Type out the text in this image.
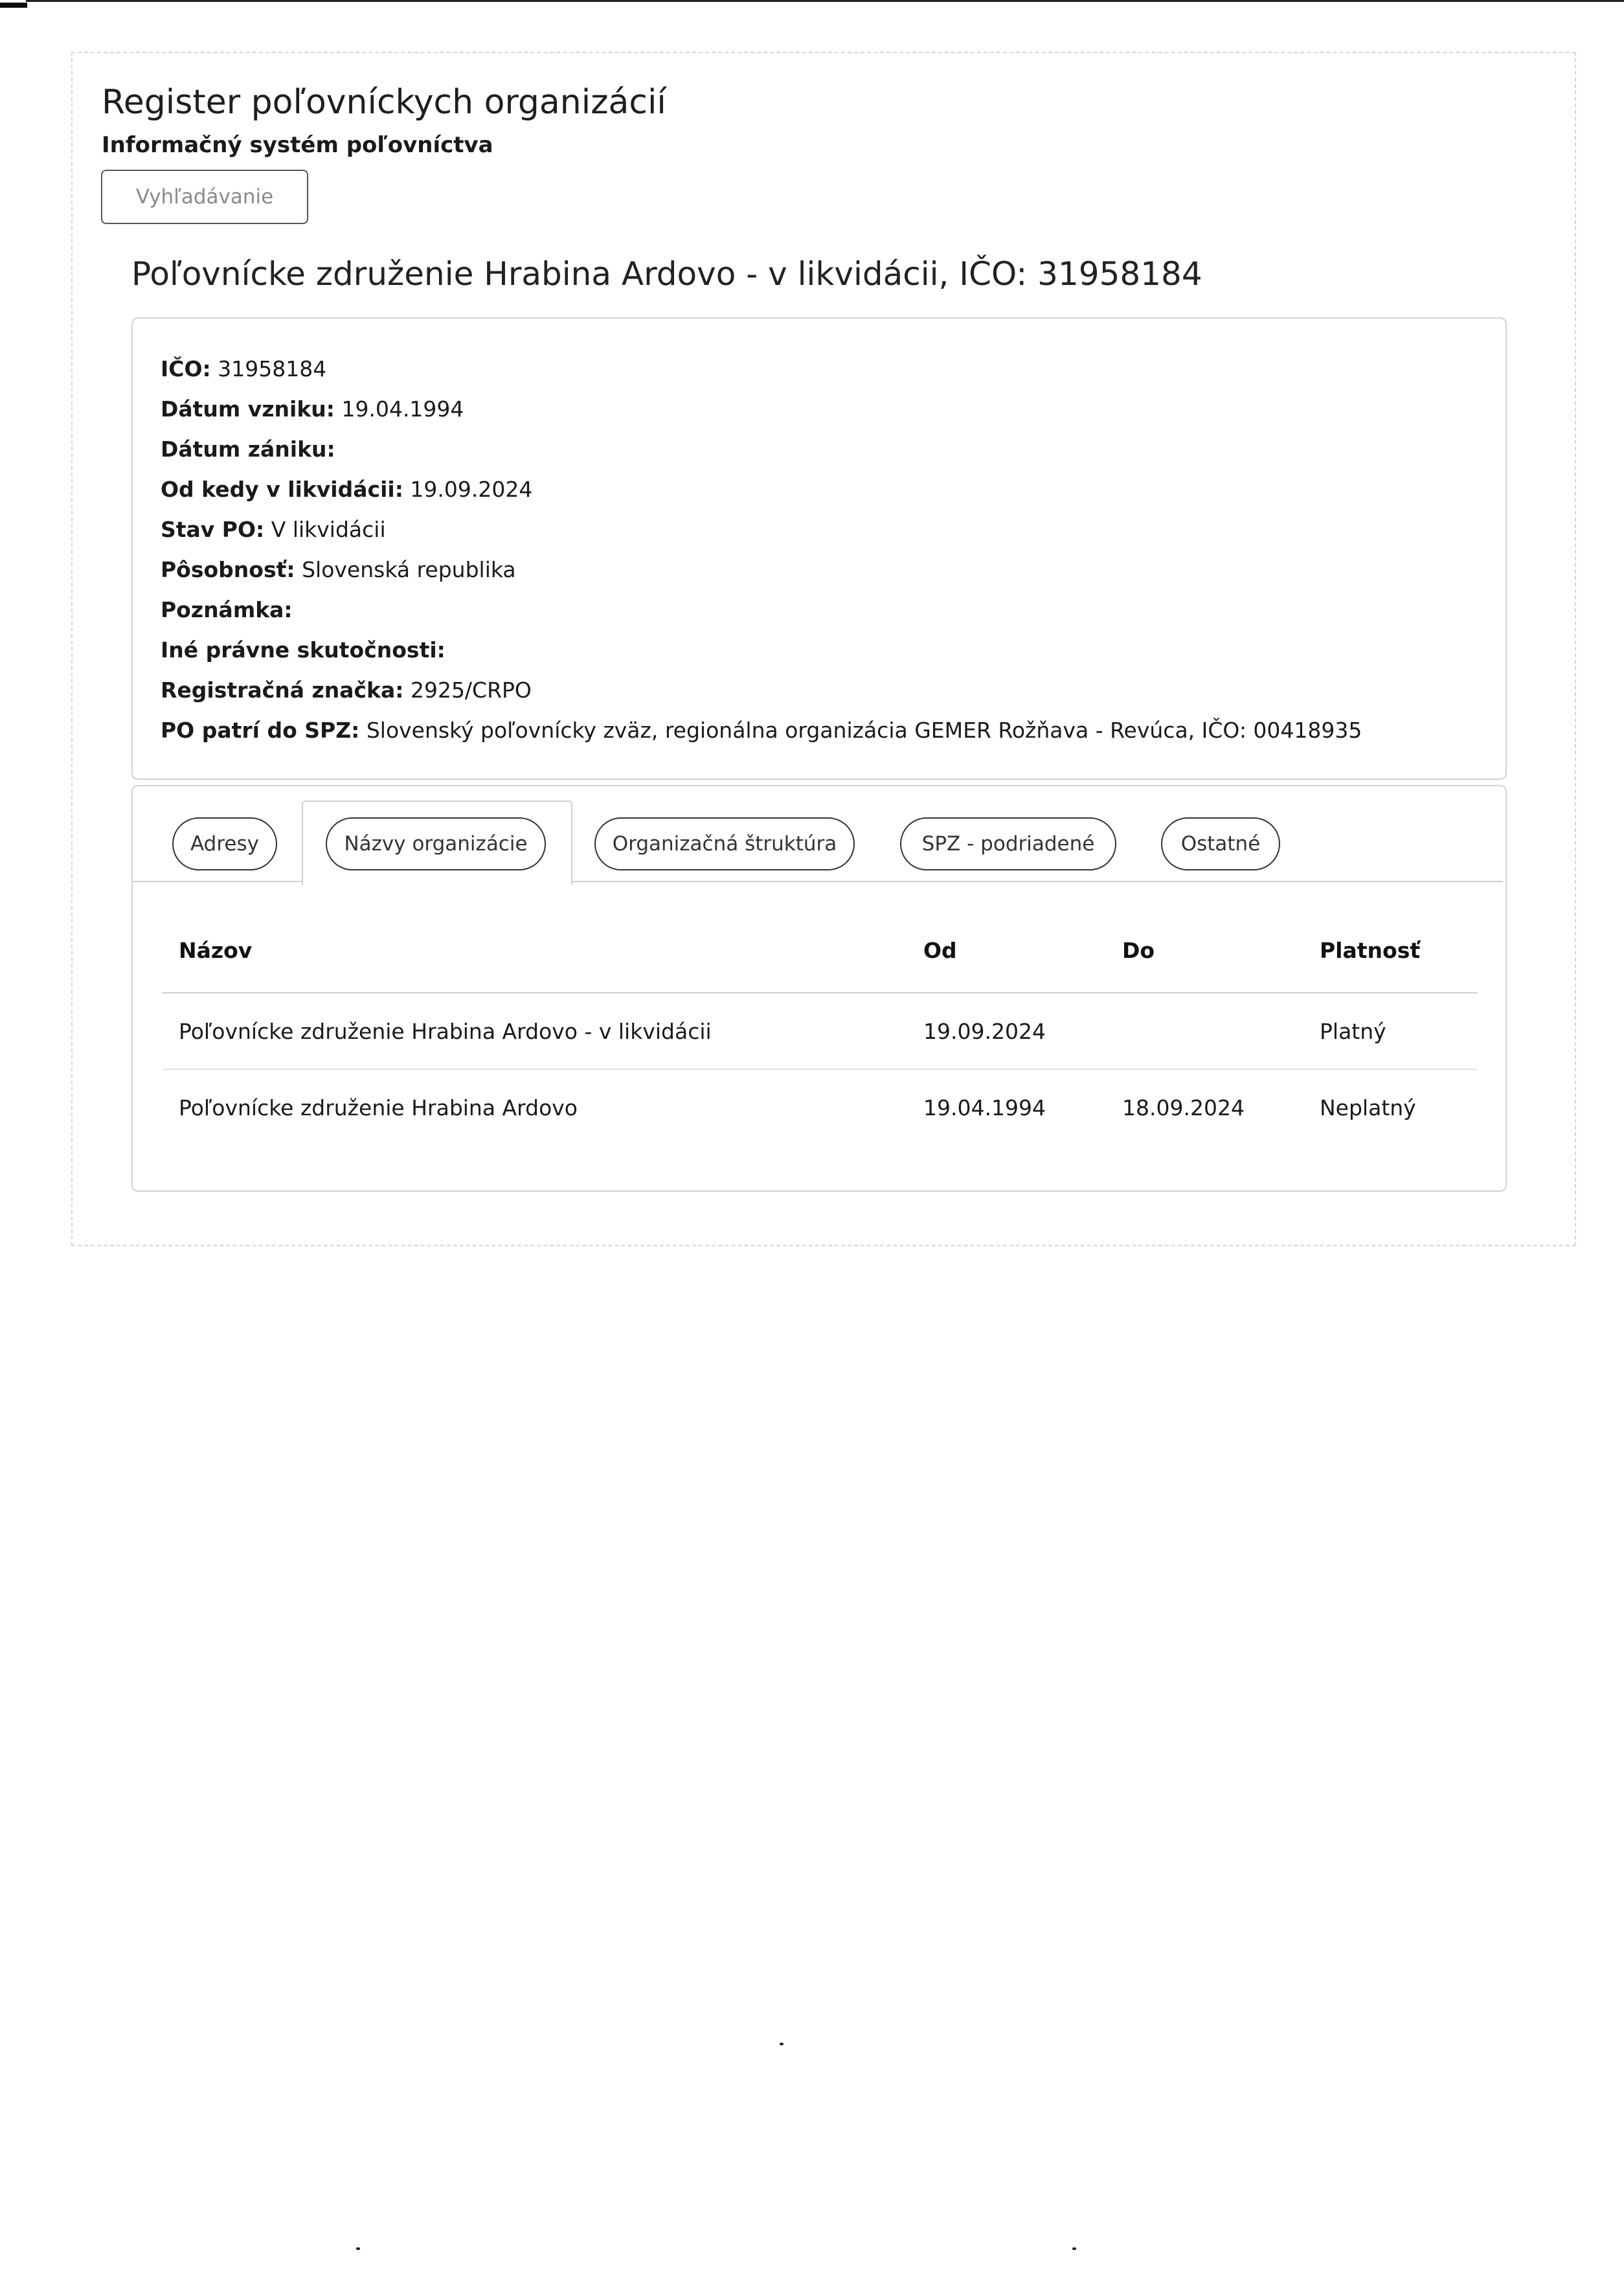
Register poľovníckych organizácií
Informačný systém poľovníctva
Vyhľadávanie
Poľovnícke združenie Hrabina Ardovo - v likvidácii, IČO: 31958184
IČO: 31958184
Dátum vzniku: 19.04.1994
Dátum zániku:
Od kedy v likvidácii: 19.09.2024
Stav PO: V likvidácii
Pôsobnosť: Slovenská republika
Poznámka:
Iné právne skutočnosti:
Registračná značka: 2925/CRPO
PO patrí do SPZ: Slovenský poľovnícky zväz, regionálna organizácia GEMER Rožňava - Revúca, IČO: 00418935
Adresy	Názvy organizácie	Organizačná štruktúra	SPZ - podriadené	Ostatné
Názov	Od	Do	Platnosť
Poľovnícke združenie Hrabina Ardovo - v likvidácii	19.09.2024		Platný
Poľovnícke združenie Hrabina Ardovo	19.04.1994	18.09.2024	Neplatný
